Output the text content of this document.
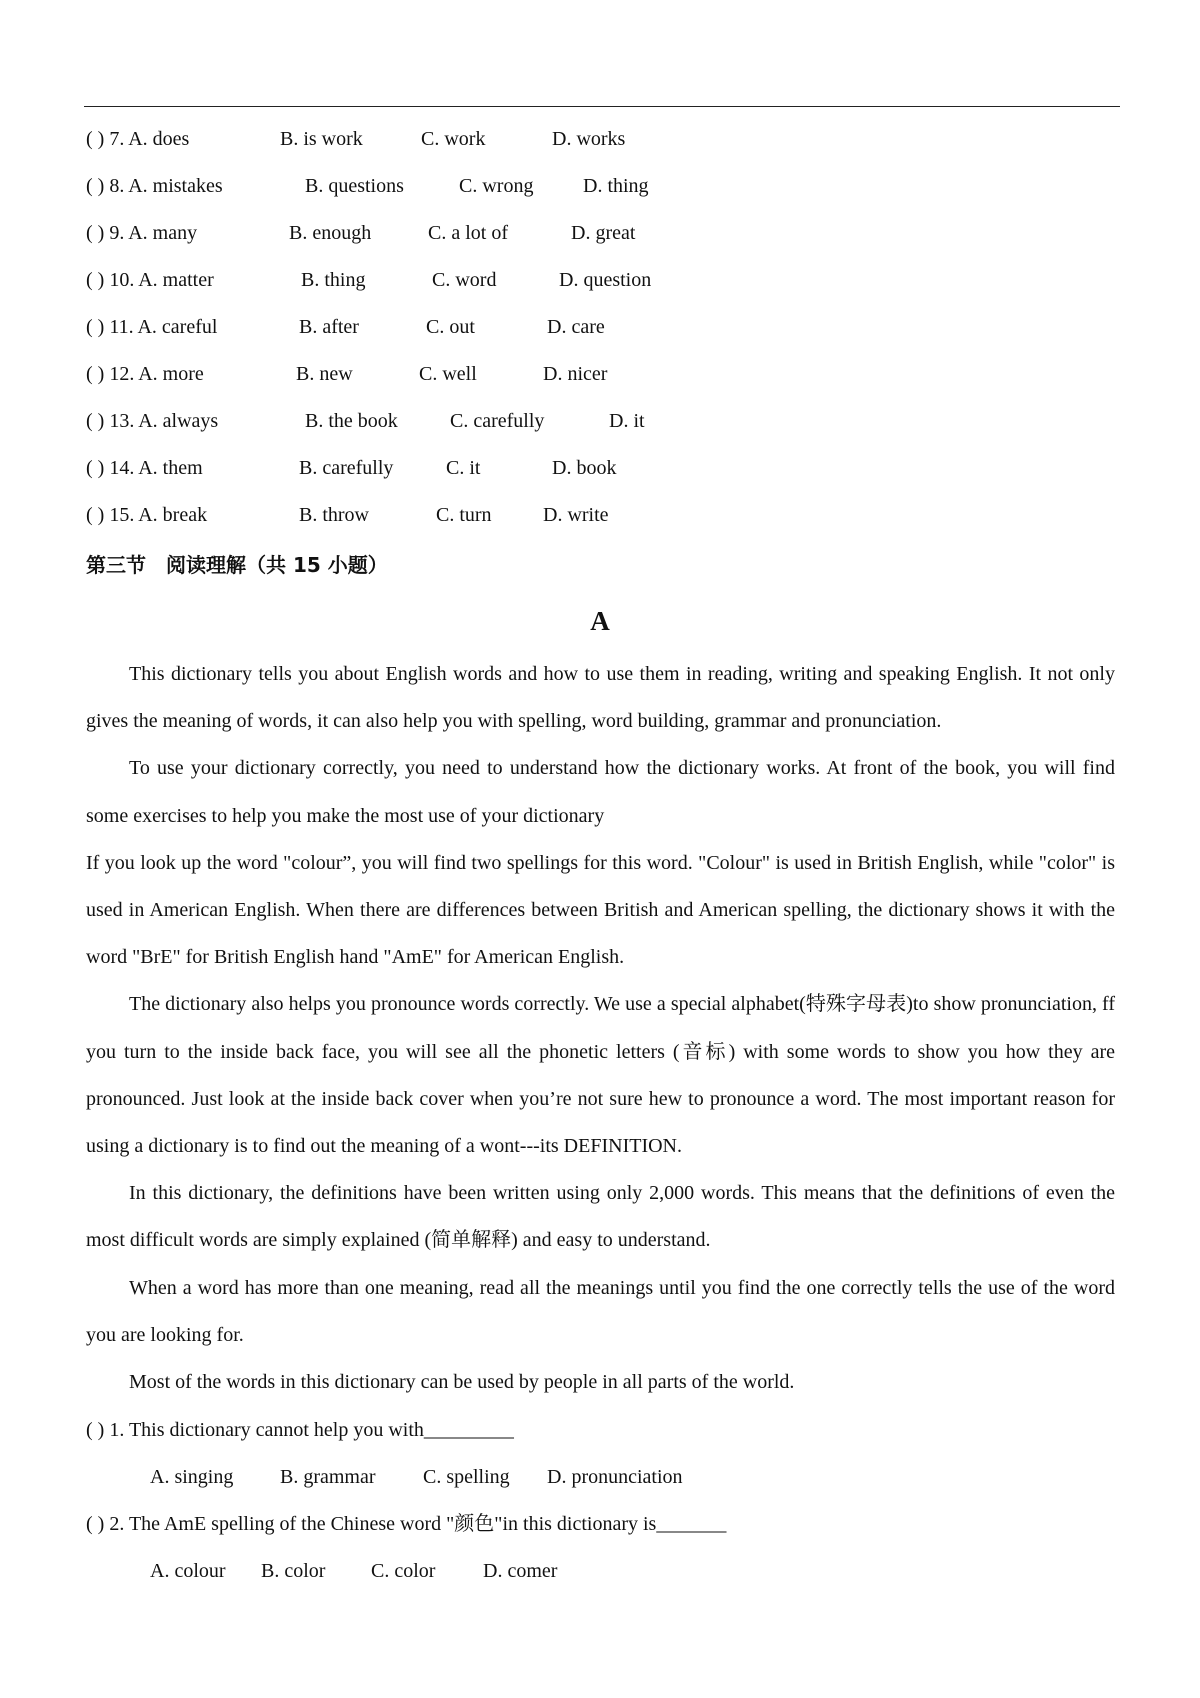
( ) 7. A. does	B. is work	C. work	D. works
( ) 8. A. mistakes	B. questions	C. wrong D. thing
( ) 9. A. many	B. enough	C. a lot of	D. great
( ) 10. A. matter	B. thing	C. word	D. question
( ) 11. A. careful	B. after	C. out	D. care
( ) 12. A. more	B. new	C. well	D. nicer
( ) 13. A. always	B. the book	C. carefully	D. it
( ) 14. A. them	B. carefully	C. it	D. book
( ) 15. A. break	B. throw	C. turn	D. write
第三节　阅读理解（共 15 小题）
A

This dictionary tells you about English words and how to use them in reading, writing and speaking English. It not only gives the meaning of words, it can also help you with spelling, word building, grammar and pronunciation.

To use your dictionary correctly, you need to understand how the dictionary works. At front of the book, you will find some exercises to help you make the most use of your dictionary

If you look up the word "colour”, you will find two spellings for this word. "Colour" is used in British English, while "color" is used in American English. When there are differences between British and American spelling, the dictionary shows it with the word "BrE" for British English hand "AmE" for American English.

The dictionary also helps you pronounce words correctly. We use a special alphabet(特殊字母表)to show pronunciation, ff you turn to the inside back face, you will see all the phonetic letters (音标) with some words to show you how they are pronounced. Just look at the inside back cover when you’re not sure hew to pronounce a word. The most important reason for using a dictionary is to find out the meaning of a wont---its DEFINITION.

In this dictionary, the definitions have been written using only 2,000 words. This means that the definitions of even the most difficult words are simply explained (简单解释) and easy to understand.

When a word has more than one meaning, read all the meanings until you find the one correctly tells the use of the word you are looking for.

Most of the words in this dictionary can be used by people in all parts of the world.

( ) 1. This dictionary cannot help you with_________
A. singing B. grammar C. spelling D. pronunciation
( ) 2. The AmE spelling of the Chinese word "颜色"in this dictionary is_______
A. colour B. color C. color D. comer
